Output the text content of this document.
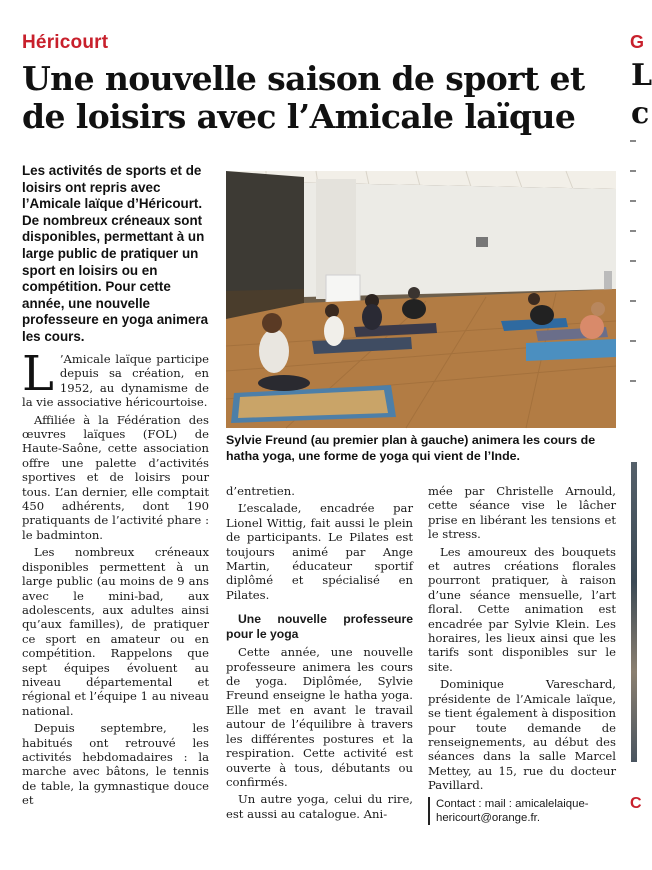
Héricourt
Une nouvelle saison de sport et de loisirs avec l’Amicale laïque
Les activités de sports et de loisirs ont repris avec l’Amicale laïque d’Héricourt. De nombreux créneaux sont disponibles, permettant à un large public de pratiquer un sport en loisirs ou en compétition. Pour cette année, une nouvelle professeure en yoga animera les cours.
Sylvie Freund (au premier plan à gauche) animera les cours de hatha yoga, une forme de yoga qui vient de l’Inde.

L ’Amicale laïque participe depuis sa création, en 1952, au dynamisme de la vie associative héricourtoise.

Affiliée à la Fédération des œuvres laïques (FOL) de Haute-Saône, cette association offre une palette d’activités sportives et de loisirs pour tous. L’an dernier, elle comptait 450 adhérents, dont 190 pratiquants de l’activité phare : le badminton.

Les nombreux créneaux disponibles permettent à un large public (au moins de 9 ans avec le mini-bad, aux adolescents, aux adultes ainsi qu’aux familles), de pratiquer ce sport en amateur ou en compétition. Rappelons que sept équipes évoluent au niveau départemental et régional et l’équipe 1 au niveau national.

Depuis septembre, les habitués ont retrouvé les activités hebdomadaires : la marche avec bâtons, le tennis de table, la gymnastique douce et

d’entretien.

L’escalade, encadrée par Lionel Wittig, fait aussi le plein de participants. Le Pilates est toujours animé par Ange Martin, éducateur sportif diplômé et spécialisé en Pilates.

Une nouvelle professeure pour le yoga

Cette année, une nouvelle professeure animera les cours de yoga. Diplômée, Sylvie Freund enseigne le hatha yoga. Elle met en avant le travail autour de l’équilibre à travers les différentes postures et la respiration. Cette activité est ouverte à tous, débutants ou confirmés.

Un autre yoga, celui du rire, est aussi au catalogue. Ani-

mée par Christelle Arnould, cette séance vise le lâcher prise en libérant les tensions et le stress.

Les amoureux des bouquets et autres créations florales pourront pratiquer, à raison d’une séance mensuelle, l’art floral. Cette animation est encadrée par Sylvie Klein. Les horaires, les lieux ainsi que les tarifs sont disponibles sur le site.

Dominique Vareschard, présidente de l’Amicale laïque, se tient également à disposition pour toute demande de renseignements, au début des séances dans la salle Marcel Mettey, au 15, rue du docteur Pavillard.

Contact : mail : amicalelaique-hericourt@orange.fr.

G
L
c
C
